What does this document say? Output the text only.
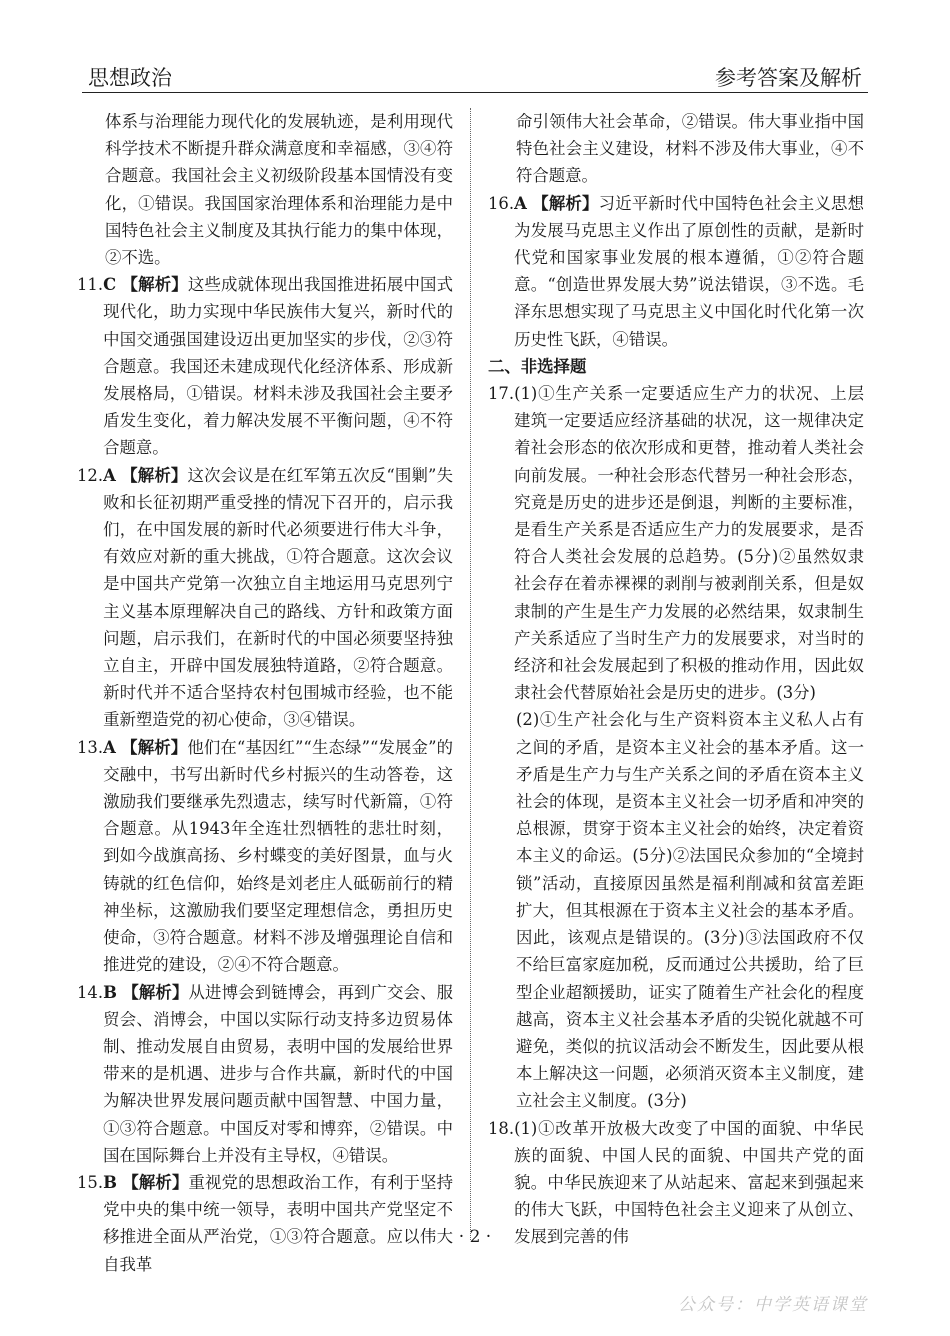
思想政治	参考答案及解析

体系与治理能力现代化的发展轨迹，是利用现代科学技术不断提升群众满意度和幸福感，③④符合题意。我国社会主义初级阶段基本国情没有变化，①错误。我国国家治理体系和治理能力是中国特色社会主义制度及其执行能力的集中体现，②不选。

11. C 【解析】这些成就体现出我国推进拓展中国式现代化，助力实现中华民族伟大复兴，新时代的中国交通强国建设迈出更加坚实的步伐，②③符合题意。我国还未建成现代化经济体系、形成新发展格局，①错误。材料未涉及我国社会主要矛盾发生变化，着力解决发展不平衡问题，④不符合题意。
12. A 【解析】这次会议是在红军第五次反“围剿”失败和长征初期严重受挫的情况下召开的，启示我们，在中国发展的新时代必须要进行伟大斗争，有效应对新的重大挑战，①符合题意。这次会议是中国共产党第一次独立自主地运用马克思列宁主义基本原理解决自己的路线、方针和政策方面问题，启示我们，在新时代的中国必须要坚持独立自主，开辟中国发展独特道路，②符合题意。新时代并不适合坚持农村包围城市经验，也不能重新塑造党的初心使命，③④错误。
13. A 【解析】他们在“基因红”“生态绿”“发展金”的交融中，书写出新时代乡村振兴的生动答卷，这激励我们要继承先烈遗志，续写时代新篇，①符合题意。从1943年全连壮烈牺牲的悲壮时刻，到如今战旗高扬、乡村蝶变的美好图景，血与火铸就的红色信仰，始终是刘老庄人砥砺前行的精神坐标，这激励我们要坚定理想信念，勇担历史使命，③符合题意。材料不涉及增强理论自信和推进党的建设，②④不符合题意。
14. B 【解析】从进博会到链博会，再到广交会、服贸会、消博会，中国以实际行动支持多边贸易体制、推动发展自由贸易，表明中国的发展给世界带来的是机遇、进步与合作共赢，新时代的中国为解决世界发展问题贡献中国智慧、中国力量，①③符合题意。中国反对零和博弈，②错误。中国在国际舞台上并没有主导权，④错误。
15. B 【解析】重视党的思想政治工作，有利于坚持党中央的集中统一领导，表明中国共产党坚定不移推进全面从严治党，①③符合题意。应以伟大自我革

命引领伟大社会革命，②错误。伟大事业指中国特色社会主义建设，材料不涉及伟大事业，④不符合题意。

16. A 【解析】习近平新时代中国特色社会主义思想为发展马克思主义作出了原创性的贡献，是新时代党和国家事业发展的根本遵循，①②符合题意。“创造世界发展大势”说法错误，③不选。毛泽东思想实现了马克思主义中国化时代化第一次历史性飞跃，④错误。

二、非选择题

17. (1)①生产关系一定要适应生产力的状况、上层建筑一定要适应经济基础的状况，这一规律决定着社会形态的依次形成和更替，推动着人类社会向前发展。一种社会形态代替另一种社会形态，究竟是历史的进步还是倒退，判断的主要标准，是看生产关系是否适应生产力的发展要求，是否符合人类社会发展的总趋势。(5分)②虽然奴隶社会存在着赤裸裸的剥削与被剥削关系，但是奴隶制的产生是生产力发展的必然结果，奴隶制生产关系适应了当时生产力的发展要求，对当时的经济和社会发展起到了积极的推动作用，因此奴隶社会代替原始社会是历史的进步。(3分)

(2)①生产社会化与生产资料资本主义私人占有之间的矛盾，是资本主义社会的基本矛盾。这一矛盾是生产力与生产关系之间的矛盾在资本主义社会的体现，是资本主义社会一切矛盾和冲突的总根源，贯穿于资本主义社会的始终，决定着资本主义的命运。(5分)②法国民众参加的“全境封锁”活动，直接原因虽然是福利削减和贫富差距扩大，但其根源在于资本主义社会的基本矛盾。因此，该观点是错误的。(3分)③法国政府不仅不给巨富家庭加税，反而通过公共援助，给了巨型企业超额援助，证实了随着生产社会化的程度越高，资本主义社会基本矛盾的尖锐化就越不可避免，类似的抗议活动会不断发生，因此要从根本上解决这一问题，必须消灭资本主义制度，建立社会主义制度。(3分)

18. (1)①改革开放极大改变了中国的面貌、中华民族的面貌、中国人民的面貌、中国共产党的面貌。中华民族迎来了从站起来、富起来到强起来的伟大飞跃，中国特色社会主义迎来了从创立、发展到完善的伟
· 2 ·
公众号：中学英语课堂
